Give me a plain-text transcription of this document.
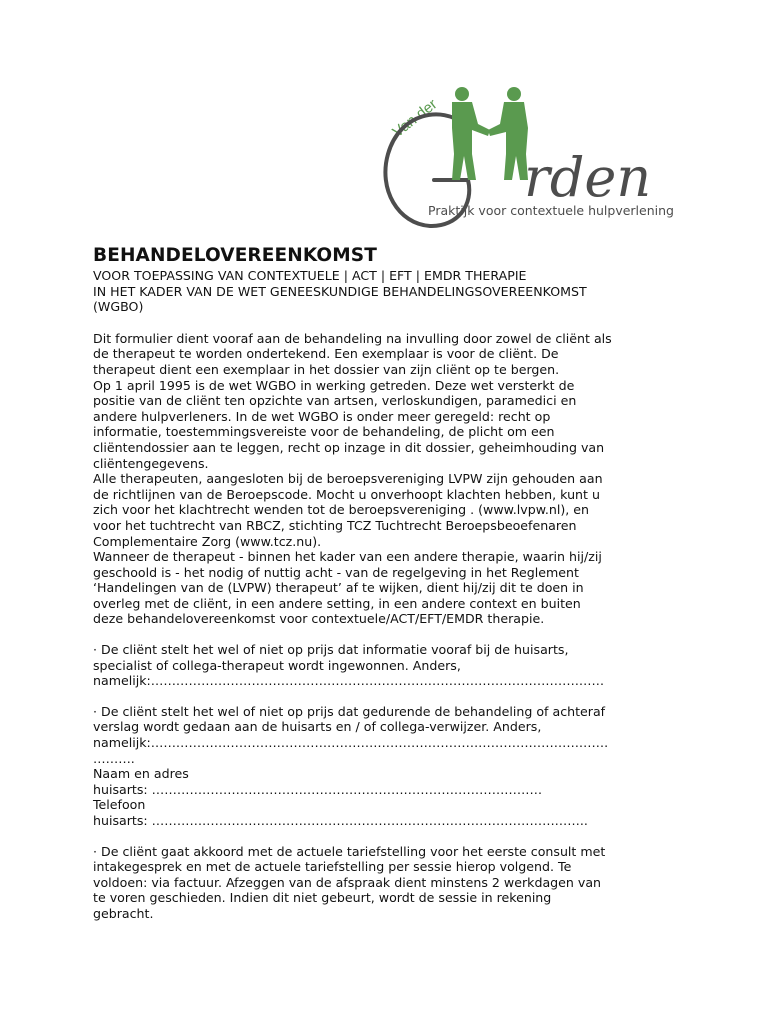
Van der
rden
Praktijk voor contextuele hulpverlening
BEHANDELOVEREENKOMST
VOOR TOEPASSING VAN CONTEXTUELE | ACT | EFT | EMDR THERAPIE
IN HET KADER VAN DE WET GENEESKUNDIGE BEHANDELINGSOVEREENKOMST
(WGBO)
Dit formulier dient vooraf aan de behandeling na invulling door zowel de cliënt als
de therapeut te worden ondertekend. Een exemplaar is voor de cliënt. De
therapeut dient een exemplaar in het dossier van zijn cliënt op te bergen.
Op 1 april 1995 is de wet WGBO in werking getreden. Deze wet versterkt de
positie van de cliënt ten opzichte van artsen, verloskundigen, paramedici en
andere hulpverleners. In de wet WGBO is onder meer geregeld: recht op
informatie, toestemmingsvereiste voor de behandeling, de plicht om een
cliëntendossier aan te leggen, recht op inzage in dit dossier, geheimhouding van
cliëntengegevens.
Alle therapeuten, aangesloten bij de beroepsvereniging LVPW zijn gehouden aan
de richtlijnen van de Beroepscode. Mocht u onverhoopt klachten hebben, kunt u
zich voor het klachtrecht wenden tot de beroepsvereniging . (www.lvpw.nl), en
voor het tuchtrecht van RBCZ, stichting TCZ Tuchtrecht Beroepsbeoefenaren
Complementaire Zorg (www.tcz.nu).
Wanneer de therapeut - binnen het kader van een andere therapie, waarin hij/zij
geschoold is - het nodig of nuttig acht - van de regelgeving in het Reglement
‘Handelingen van de (LVPW) therapeut’ af te wijken, dient hij/zij dit te doen in
overleg met de cliënt, in een andere setting, in een andere context en buiten
deze behandelovereenkomst voor contextuele/ACT/EFT/EMDR therapie.
· De cliënt stelt het wel of niet op prijs dat informatie vooraf bij de huisarts,
specialist of collega-therapeut wordt ingewonnen. Anders,
namelijk:………………………………………………………………………………………………
· De cliënt stelt het wel of niet op prijs dat gedurende de behandeling of achteraf
verslag wordt gedaan aan de huisarts en / of collega-verwijzer. Anders,
namelijk:……………………………………………………………………………………………….
……….
Naam en adres
huisarts: …………………………………………………………………………………
Telefoon
huisarts: …………………………………………………………………………………………..
· De cliënt gaat akkoord met de actuele tariefstelling voor het eerste consult met
intakegesprek en met de actuele tariefstelling per sessie hierop volgend. Te
voldoen: via factuur. Afzeggen van de afspraak dient minstens 2 werkdagen van
te voren geschieden. Indien dit niet gebeurt, wordt de sessie in rekening
gebracht.
